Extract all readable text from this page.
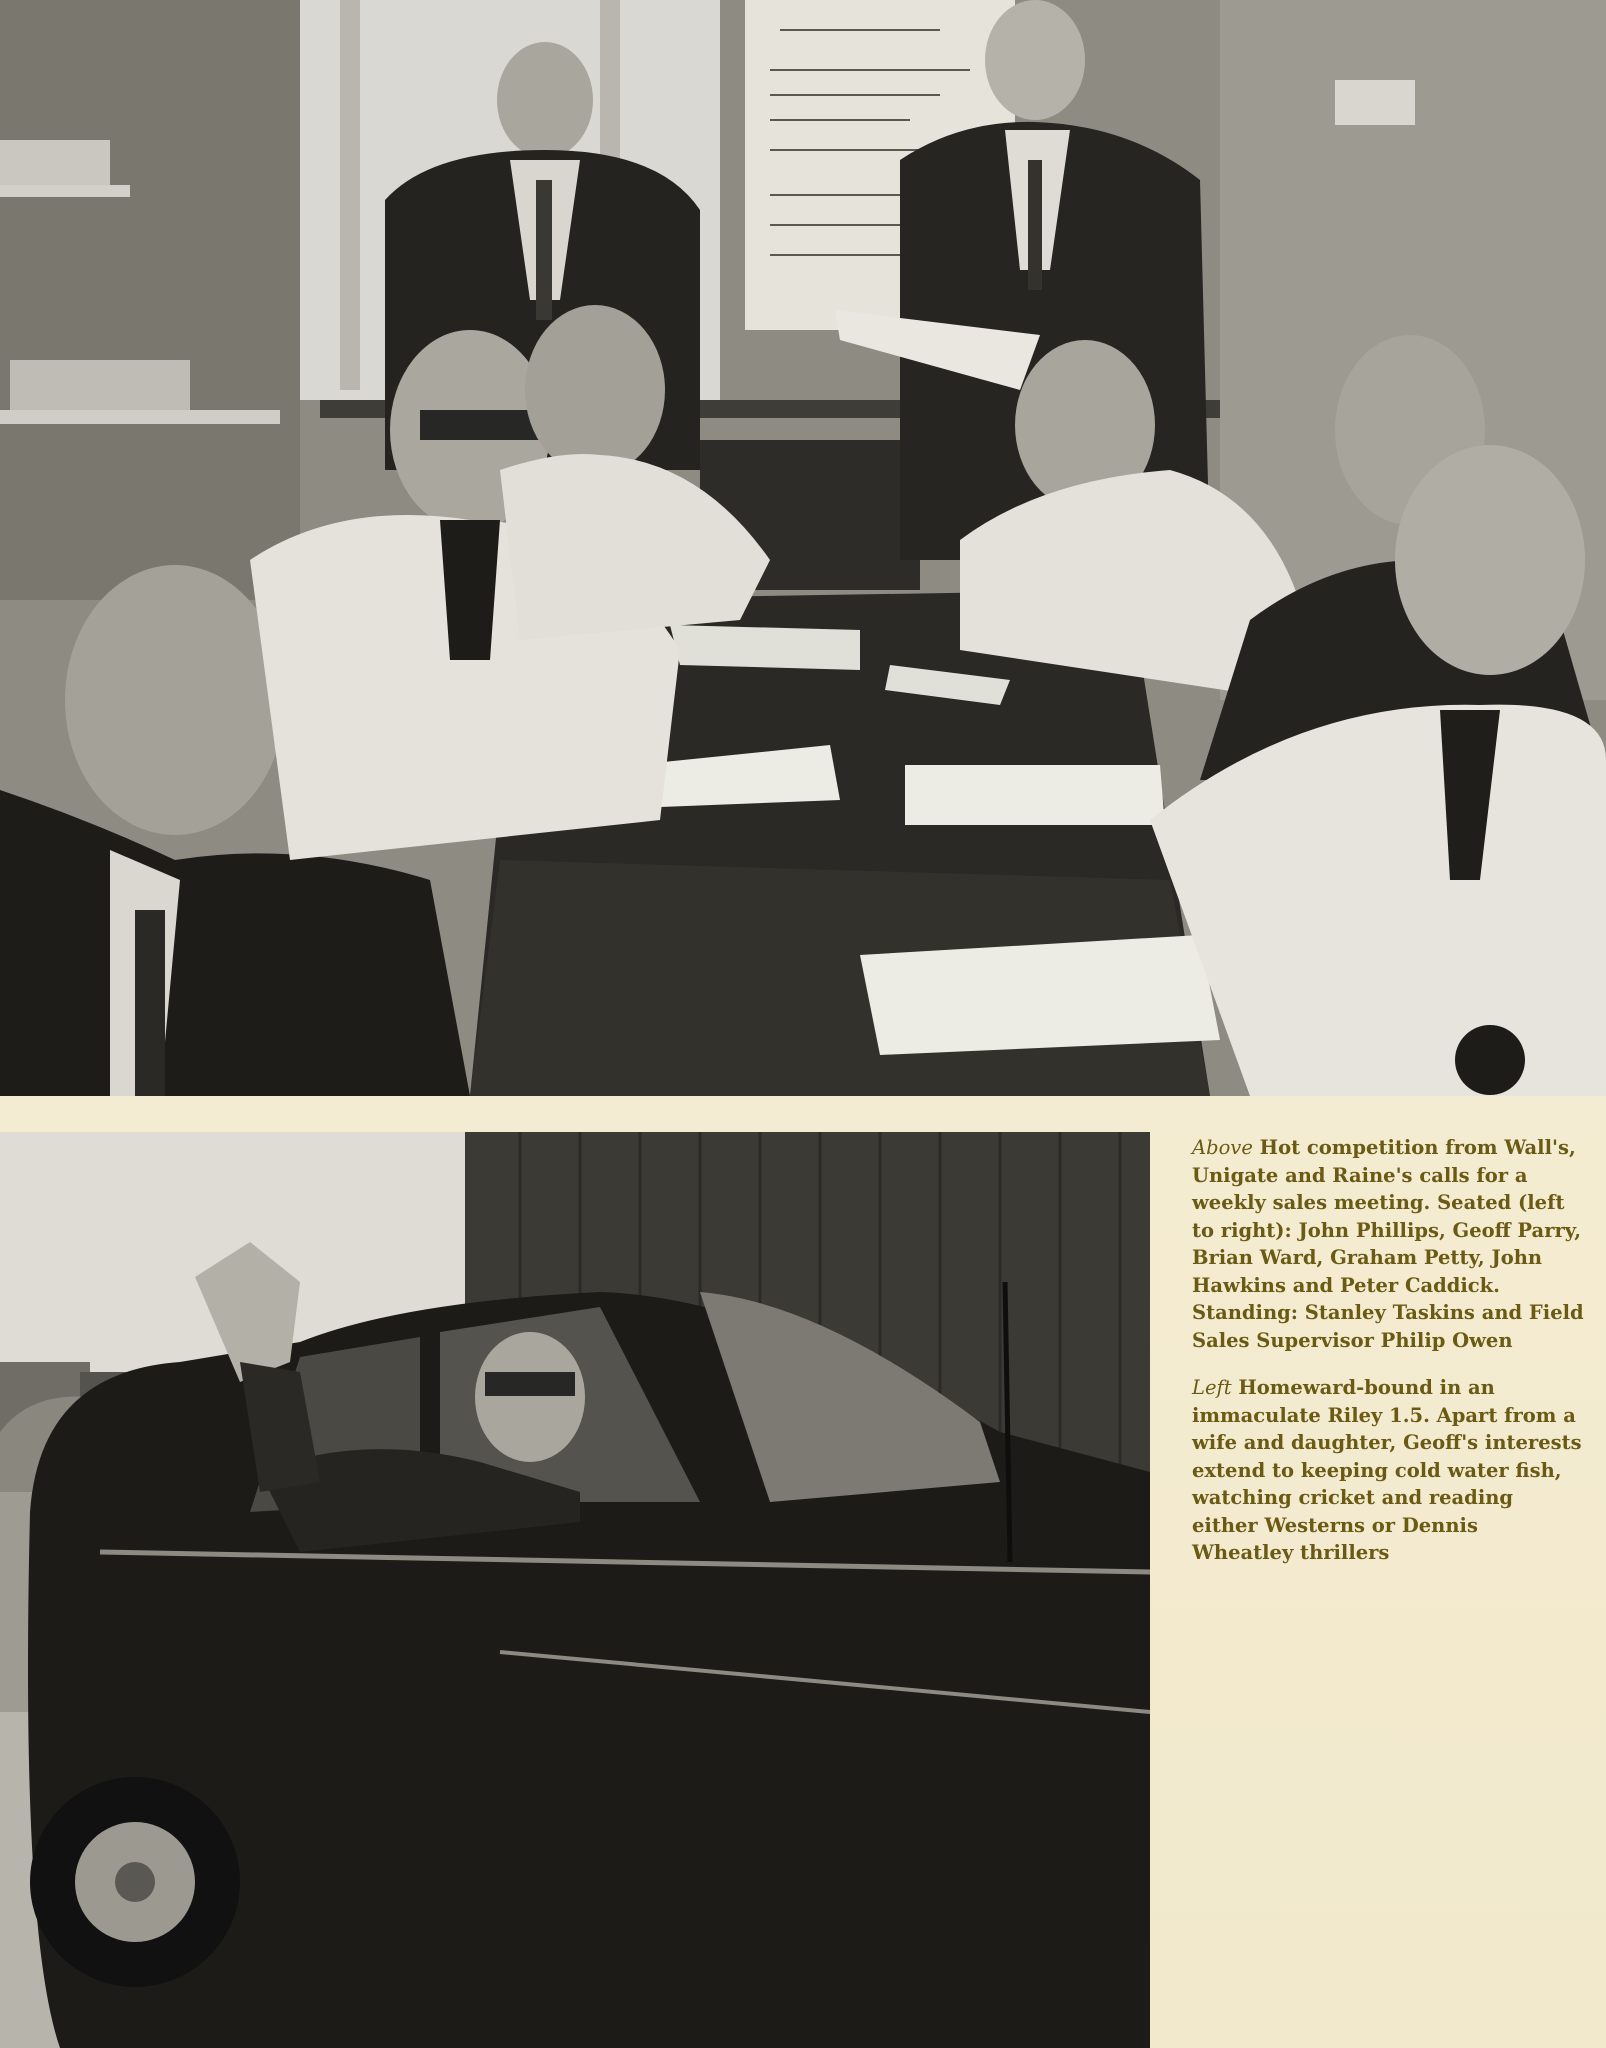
Above Hot competition from Wall's, Unigate and Raine's calls for a weekly sales meeting. Seated (left to right): John Phillips, Geoff Parry, Brian Ward, Graham Petty, John Hawkins and Peter Caddick. Standing: Stanley Taskins and Field Sales Supervisor Philip Owen

Left Homeward-bound in an immaculate Riley 1.5. Apart from a wife and daughter, Geoff's interests extend to keeping cold water fish, watching cricket and reading either Westerns or Dennis Wheatley thrillers
